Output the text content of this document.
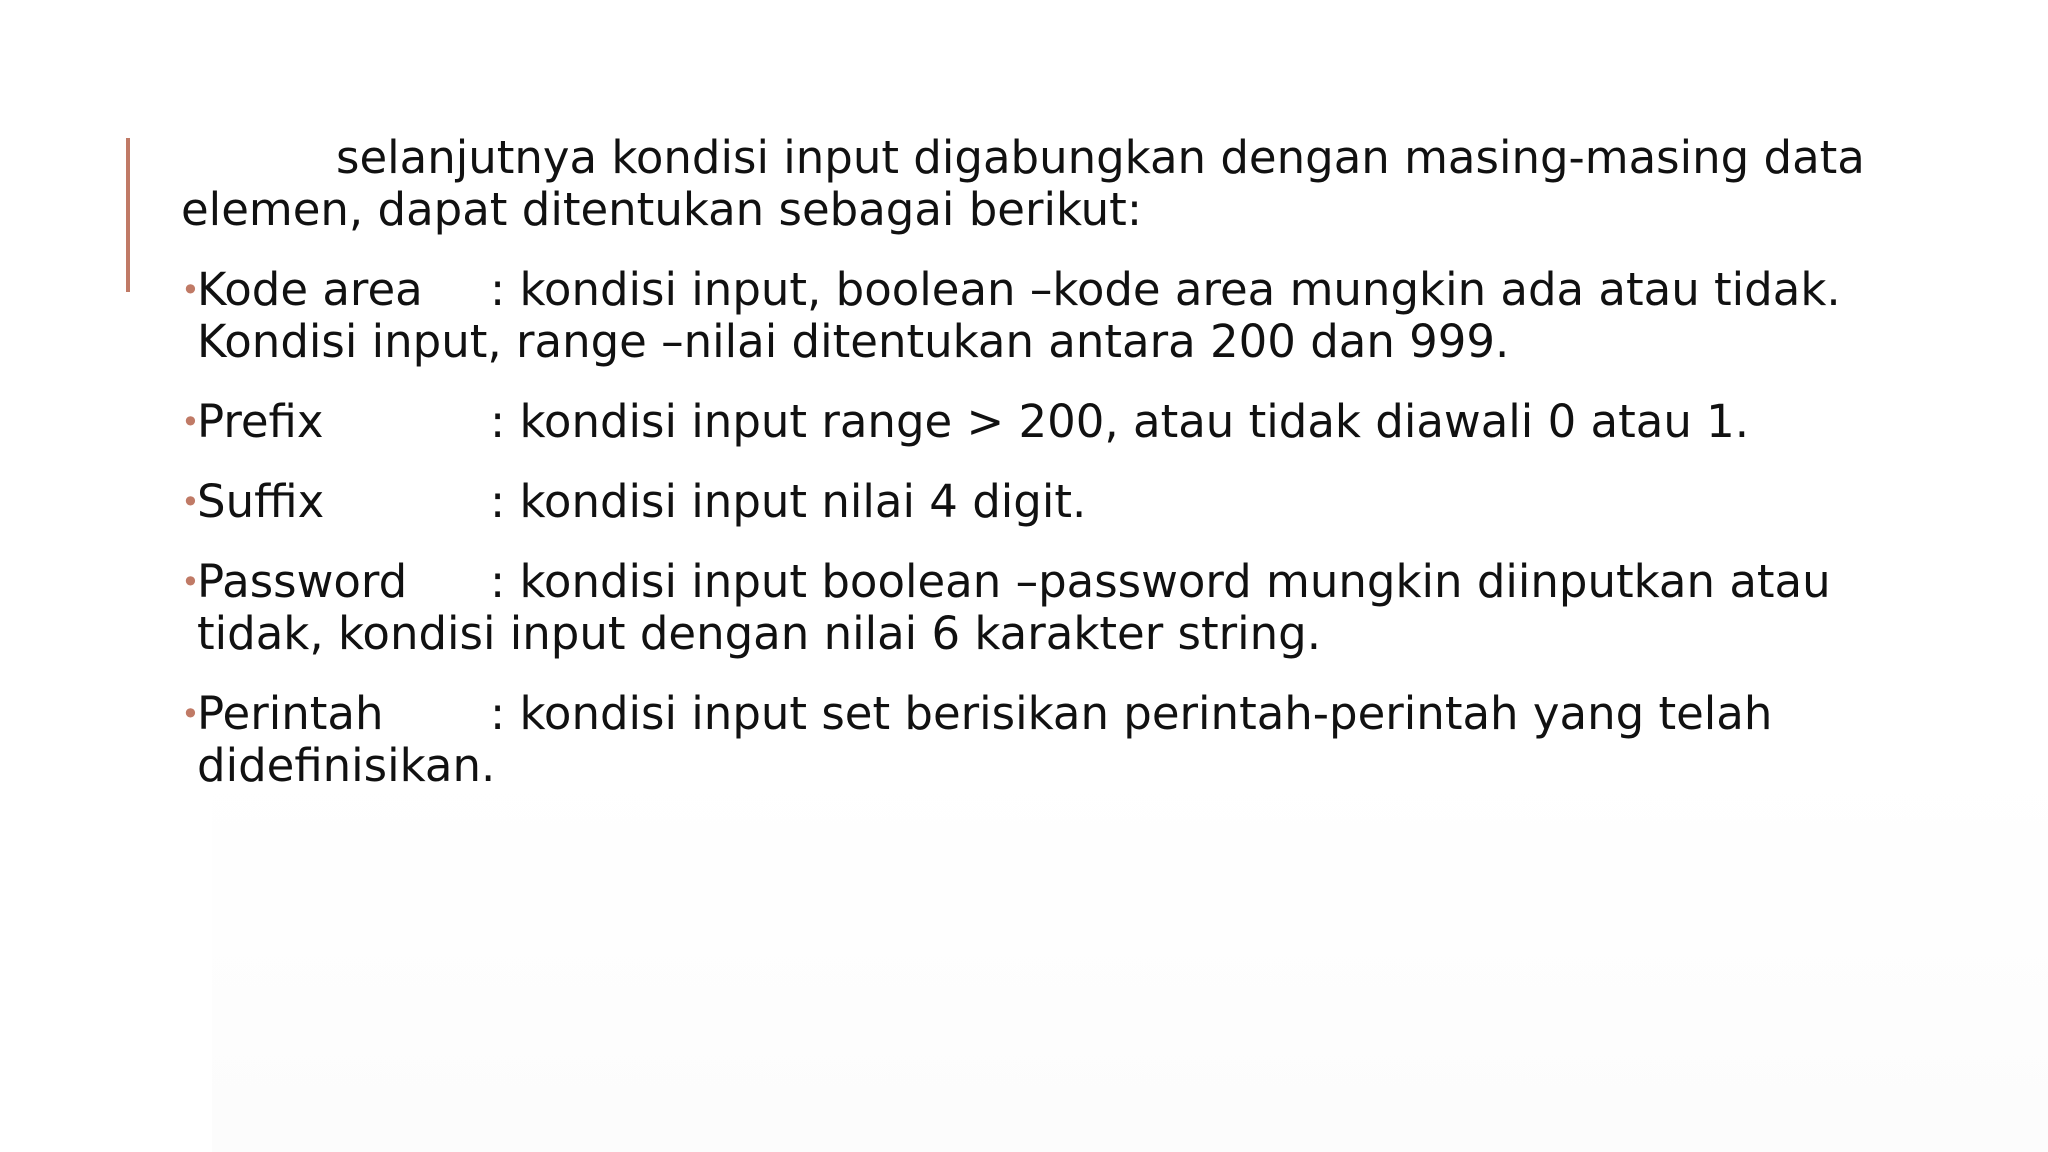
selanjutnya kondisi input digabungkan dengan masing-masing data elemen, dapat ditentukan sebagai berikut:

•
Kode area : kondisi input, boolean –kode area mungkin ada atau tidak. Kondisi input, range –nilai ditentukan antara 200 dan 999.
•
Prefix	: kondisi input range > 200, atau tidak diawali 0 atau 1.
•
Suffix	: kondisi input nilai 4 digit.
•
Password : kondisi input boolean –password mungkin diinputkan atau tidak, kondisi input dengan nilai 6 karakter string.
•
Perintah : kondisi input set berisikan perintah-perintah yang telah didefinisikan.
